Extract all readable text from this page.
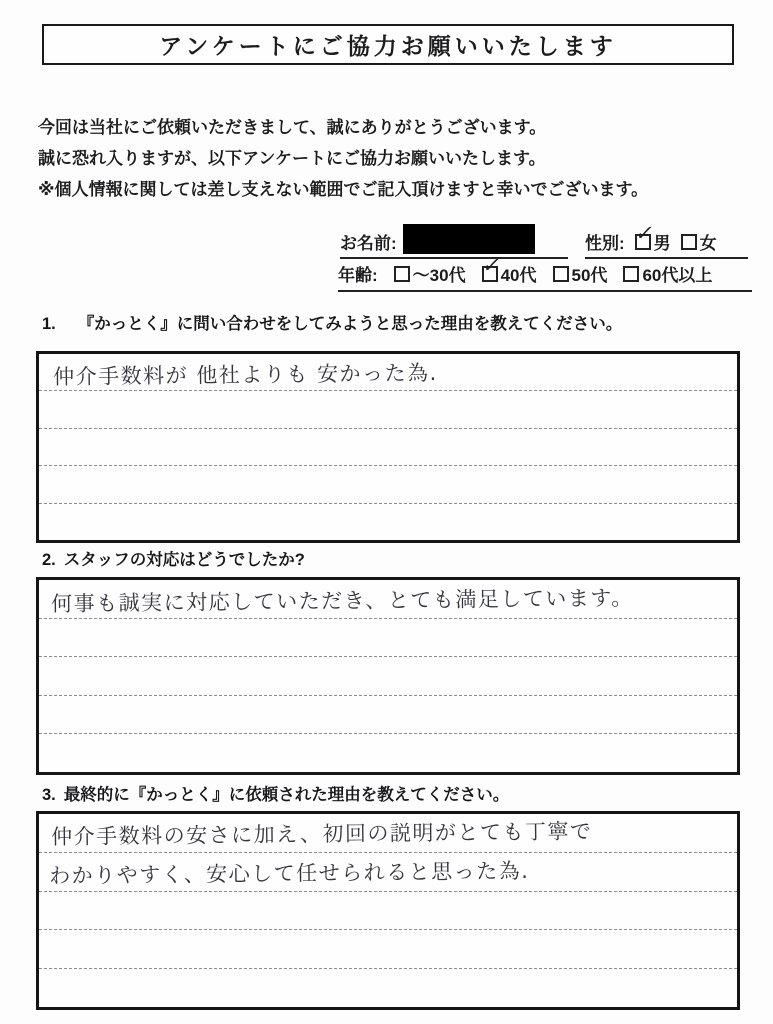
アンケートにご協力お願いいたします
今回は当社にご依頼いただきまして、誠にありがとうございます。
誠に恐れ入りますが、以下アンケートにご協力お願いいたします。
※個人情報に関しては差し支えない範囲でご記入頂けますと幸いでございます。
お名前:	性別: ✓
男 女
年齢: ～30代 ✓
40代 50代 60代以上
1. 『かっとく』に問い合わせをしてみようと思った理由を教えてください。
仲介手数料が 他社よりも 安かった為.
2. スタッフの対応はどうでしたか?
何事も誠実に対応していただき、とても満足しています。
3. 最終的に『かっとく』に依頼された理由を教えてください。
仲介手数料の安さに加え、初回の説明がとても丁寧で
わかりやすく、安心して任せられると思った為.
